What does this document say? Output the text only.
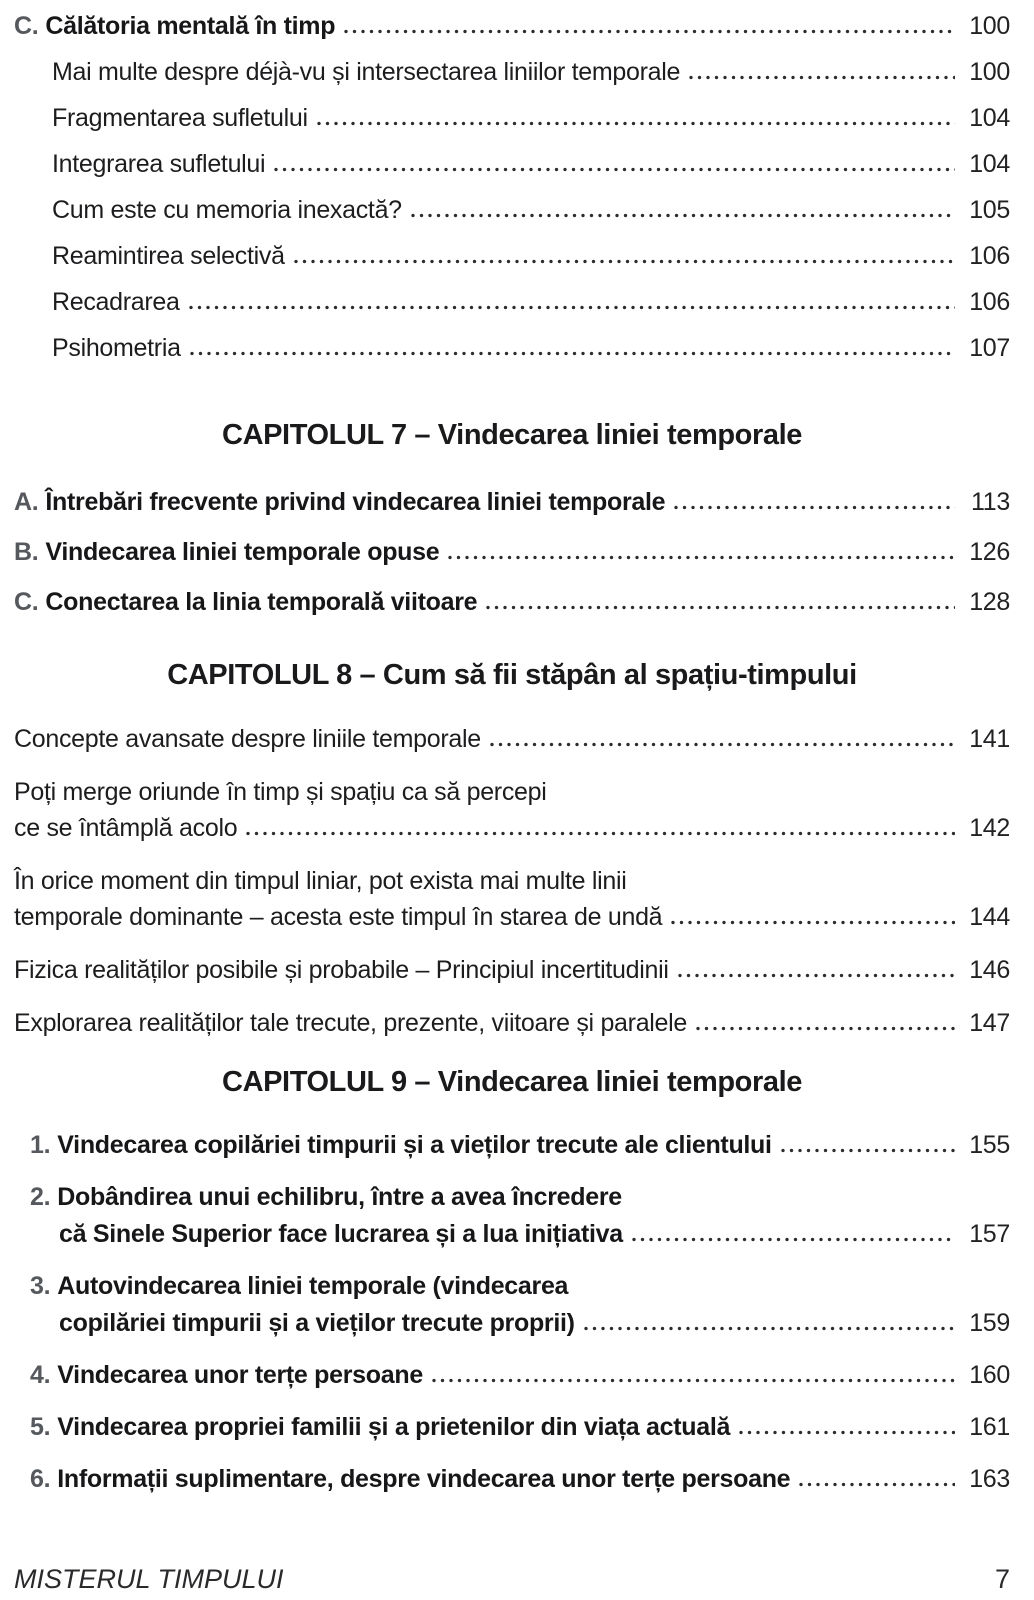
C. Călătoria mentală în timp	100
Mai multe despre déjà-vu și intersectarea liniilor temporale	100
Fragmentarea sufletului	104
Integrarea sufletului	104
Cum este cu memoria inexactă?	105
Reamintirea selectivă	106
Recadrarea	106
Psihometria	107
CAPITOLUL 7 – Vindecarea liniei temporale
A. Întrebări frecvente privind vindecarea liniei temporale	113
B. Vindecarea liniei temporale opuse	126
C. Conectarea la linia temporală viitoare	128
CAPITOLUL 8 – Cum să fii stăpân al spațiu-timpului
Concepte avansate despre liniile temporale	141
Poți merge oriunde în timp și spațiu ca să percepi
ce se întâmplă acolo	142
În orice moment din timpul liniar, pot exista mai multe linii
temporale dominante – acesta este timpul în starea de undă	144
Fizica realităților posibile și probabile – Principiul incertitudinii	146
Explorarea realităților tale trecute, prezente, viitoare și paralele	147
CAPITOLUL 9 – Vindecarea liniei temporale
1. Vindecarea copilăriei timpurii și a vieților trecute ale clientului	155
2. Dobândirea unui echilibru, între a avea încredere
că Sinele Superior face lucrarea și a lua inițiativa	157
3. Autovindecarea liniei temporale (vindecarea
copilăriei timpurii și a vieților trecute proprii)	159
4. Vindecarea unor terțe persoane	160
5. Vindecarea propriei familii și a prietenilor din viața actuală	161
6. Informații suplimentare, despre vindecarea unor terțe persoane	163
MISTERUL TIMPULUI	7
